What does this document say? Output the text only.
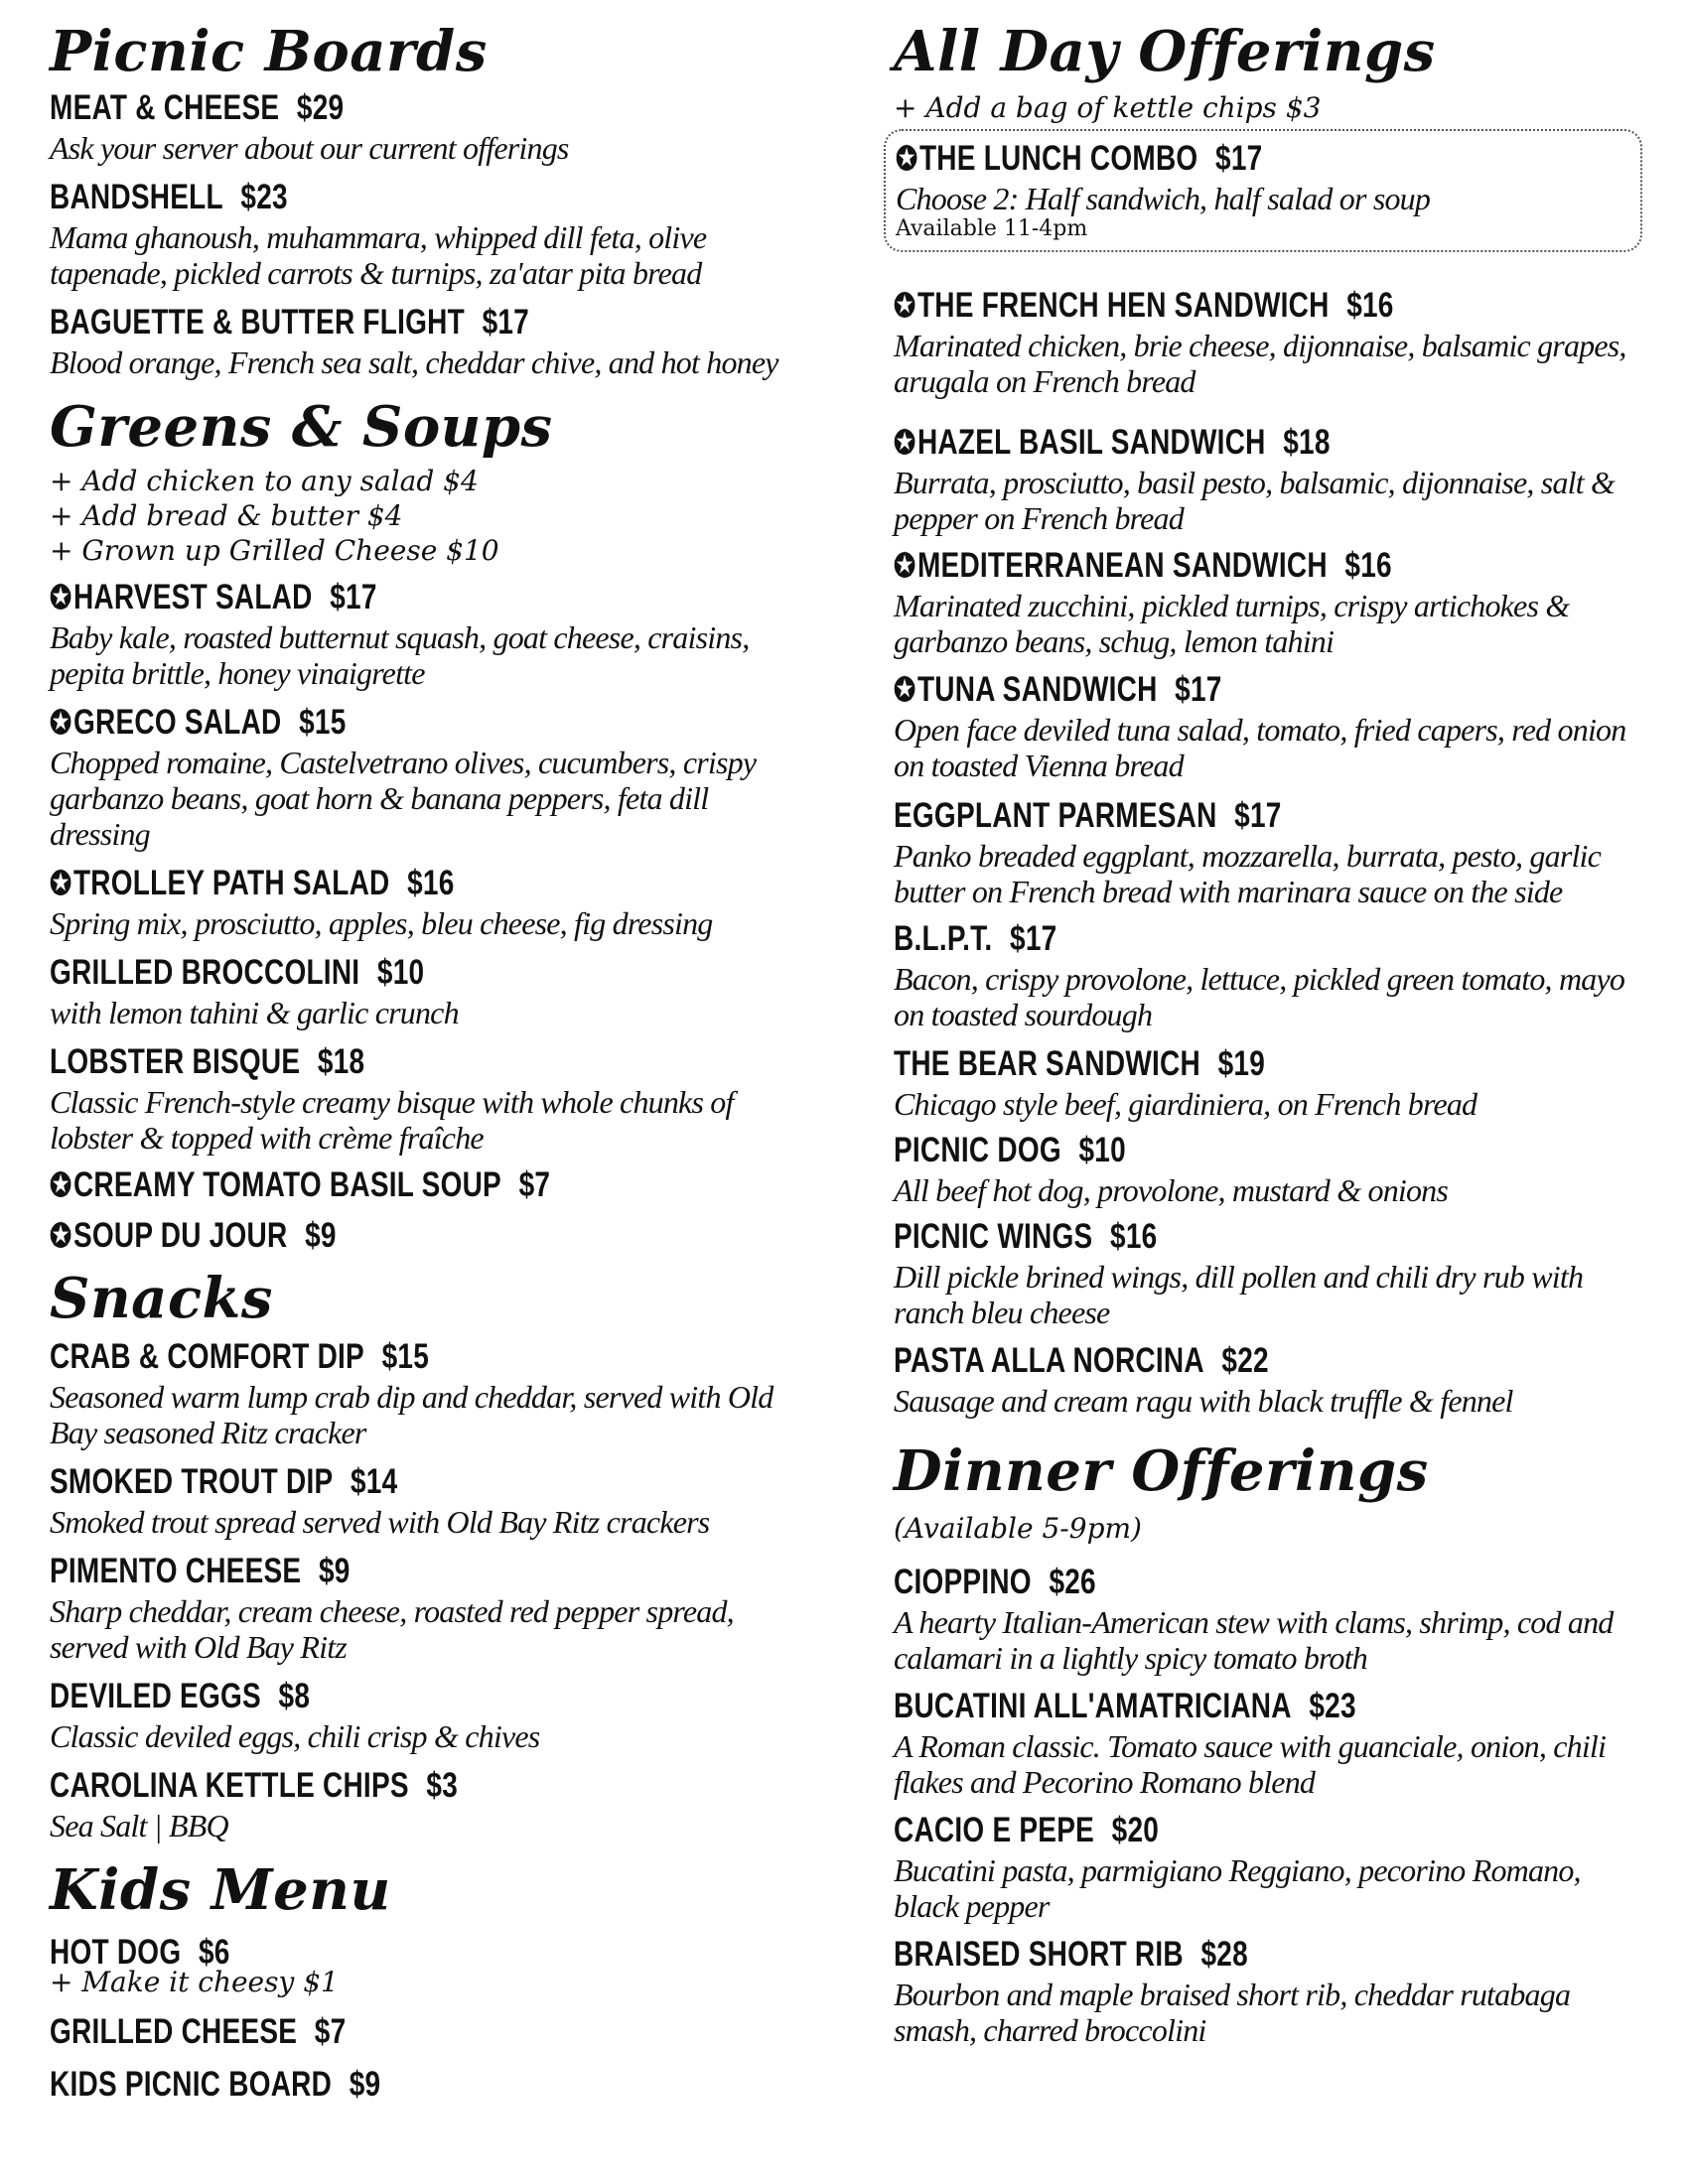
Picnic Boards
MEAT & CHEESE $29
Ask your server about our current offerings
BANDSHELL $23
Mama ghanoush, muhammara, whipped dill feta, olive tapenade, pickled carrots & turnips, za'atar pita bread
BAGUETTE & BUTTER FLIGHT $17
Blood orange, French sea salt, cheddar chive, and hot honey
Greens & Soups
+ Add chicken to any salad $4
+ Add bread & butter $4
+ Grown up Grilled Cheese $10
✪HARVEST SALAD $17
Baby kale, roasted butternut squash, goat cheese, craisins, pepita brittle, honey vinaigrette
✪GRECO SALAD $15
Chopped romaine, Castelvetrano olives, cucumbers, crispy garbanzo beans, goat horn & banana peppers, feta dill dressing
✪TROLLEY PATH SALAD $16
Spring mix, prosciutto, apples, bleu cheese, fig dressing
GRILLED BROCCOLINI $10
with lemon tahini & garlic crunch
LOBSTER BISQUE $18
Classic French-style creamy bisque with whole chunks of lobster & topped with crème fraîche
✪CREAMY TOMATO BASIL SOUP $7
✪SOUP DU JOUR $9
Snacks
CRAB & COMFORT DIP $15
Seasoned warm lump crab dip and cheddar, served with Old Bay seasoned Ritz cracker
SMOKED TROUT DIP $14
Smoked trout spread served with Old Bay Ritz crackers
PIMENTO CHEESE $9
Sharp cheddar, cream cheese, roasted red pepper spread, served with Old Bay Ritz
DEVILED EGGS $8
Classic deviled eggs, chili crisp & chives
CAROLINA KETTLE CHIPS $3
Sea Salt | BBQ
Kids Menu
HOT DOG $6
+ Make it cheesy $1
GRILLED CHEESE $7
KIDS PICNIC BOARD $9
All Day Offerings
+ Add a bag of kettle chips $3
✪THE LUNCH COMBO $17
Choose 2: Half sandwich, half salad or soup
Available 11-4pm
✪THE FRENCH HEN SANDWICH $16
Marinated chicken, brie cheese, dijonnaise, balsamic grapes, arugala on French bread
✪HAZEL BASIL SANDWICH $18
Burrata, prosciutto, basil pesto, balsamic, dijonnaise, salt & pepper on French bread
✪MEDITERRANEAN SANDWICH $16
Marinated zucchini, pickled turnips, crispy artichokes & garbanzo beans, schug, lemon tahini
✪TUNA SANDWICH $17
Open face deviled tuna salad, tomato, fried capers, red onion on toasted Vienna bread
EGGPLANT PARMESAN $17
Panko breaded eggplant, mozzarella, burrata, pesto, garlic butter on French bread with marinara sauce on the side
B.L.P.T. $17
Bacon, crispy provolone, lettuce, pickled green tomato, mayo on toasted sourdough
THE BEAR SANDWICH $19
Chicago style beef, giardiniera, on French bread
PICNIC DOG $10
All beef hot dog, provolone, mustard & onions
PICNIC WINGS $16
Dill pickle brined wings, dill pollen and chili dry rub with ranch bleu cheese
PASTA ALLA NORCINA $22
Sausage and cream ragu with black truffle & fennel
Dinner Offerings
(Available 5-9pm)
CIOPPINO $26
A hearty Italian-American stew with clams, shrimp, cod and calamari in a lightly spicy tomato broth
BUCATINI ALL'AMATRICIANA $23
A Roman classic. Tomato sauce with guanciale, onion, chili flakes and Pecorino Romano blend
CACIO E PEPE $20
Bucatini pasta, parmigiano Reggiano, pecorino Romano, black pepper
BRAISED SHORT RIB $28
Bourbon and maple braised short rib, cheddar rutabaga smash, charred broccolini
